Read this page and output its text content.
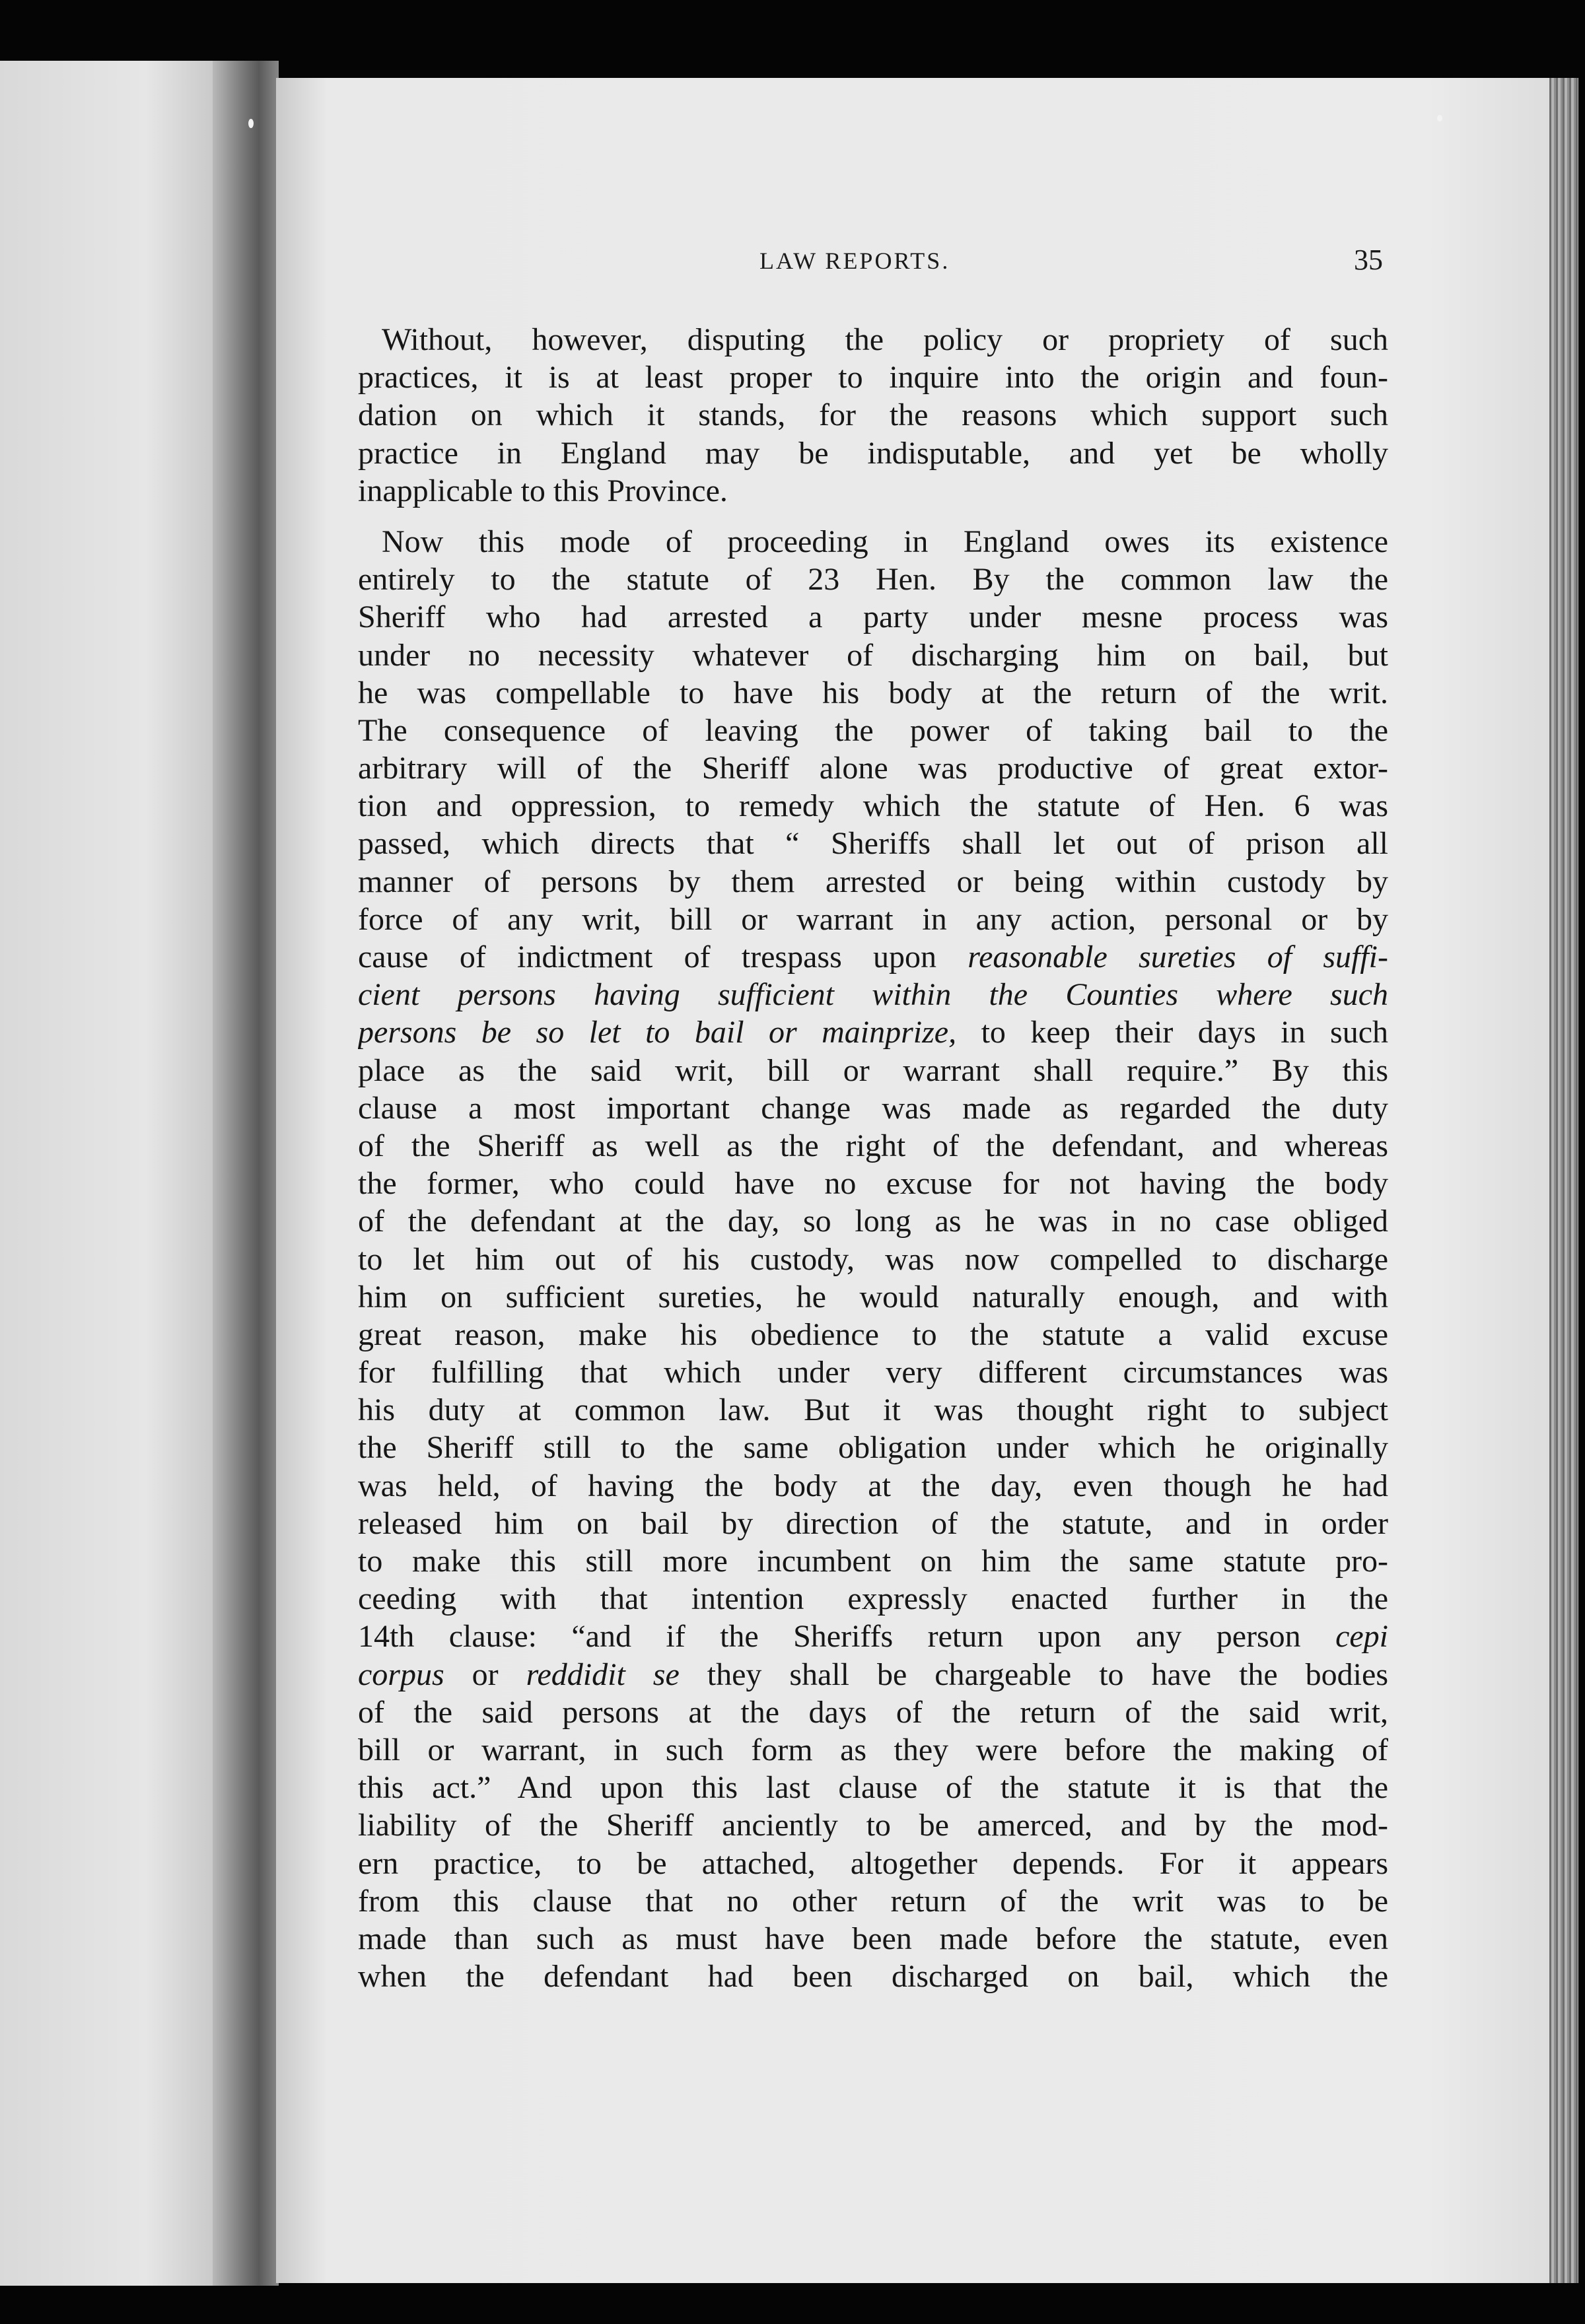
LAW REPORTS.	35
Without, however, disputing the policy or propriety of such
practices, it is at least proper to inquire into the origin and foun-
dation on which it stands, for the reasons which support such
practice in England may be indisputable, and yet be wholly
inapplicable to this Province.
Now this mode of proceeding in England owes its existence
entirely to the statute of 23 Hen. By the common law the
Sheriff who had arrested a party under mesne process was
under no necessity whatever of discharging him on bail, but
he was compellable to have his body at the return of the writ.
The consequence of leaving the power of taking bail to the
arbitrary will of the Sheriff alone was productive of great extor-
tion and oppression, to remedy which the statute of Hen. 6 was
passed, which directs that “ Sheriffs shall let out of prison all
manner of persons by them arrested or being within custody by
force of any writ, bill or warrant in any action, personal or by
cause of indictment of trespass upon reasonable sureties of suffi-
cient persons having sufficient within the Counties where such
persons be so let to bail or mainprize, to keep their days in such
place as the said writ, bill or warrant shall require.” By this
clause a most important change was made as regarded the duty
of the Sheriff as well as the right of the defendant, and whereas
the former, who could have no excuse for not having the body
of the defendant at the day, so long as he was in no case obliged
to let him out of his custody, was now compelled to discharge
him on sufficient sureties, he would naturally enough, and with
great reason, make his obedience to the statute a valid excuse
for fulfilling that which under very different circumstances was
his duty at common law. But it was thought right to subject
the Sheriff still to the same obligation under which he originally
was held, of having the body at the day, even though he had
released him on bail by direction of the statute, and in order
to make this still more incumbent on him the same statute pro-
ceeding with that intention expressly enacted further in the
14th clause: “and if the Sheriffs return upon any person cepi
corpus or reddidit se they shall be chargeable to have the bodies
of the said persons at the days of the return of the said writ,
bill or warrant, in such form as they were before the making of
this act.” And upon this last clause of the statute it is that the
liability of the Sheriff anciently to be amerced, and by the mod-
ern practice, to be attached, altogether depends. For it appears
from this clause that no other return of the writ was to be
made than such as must have been made before the statute, even
when the defendant had been discharged on bail, which the
